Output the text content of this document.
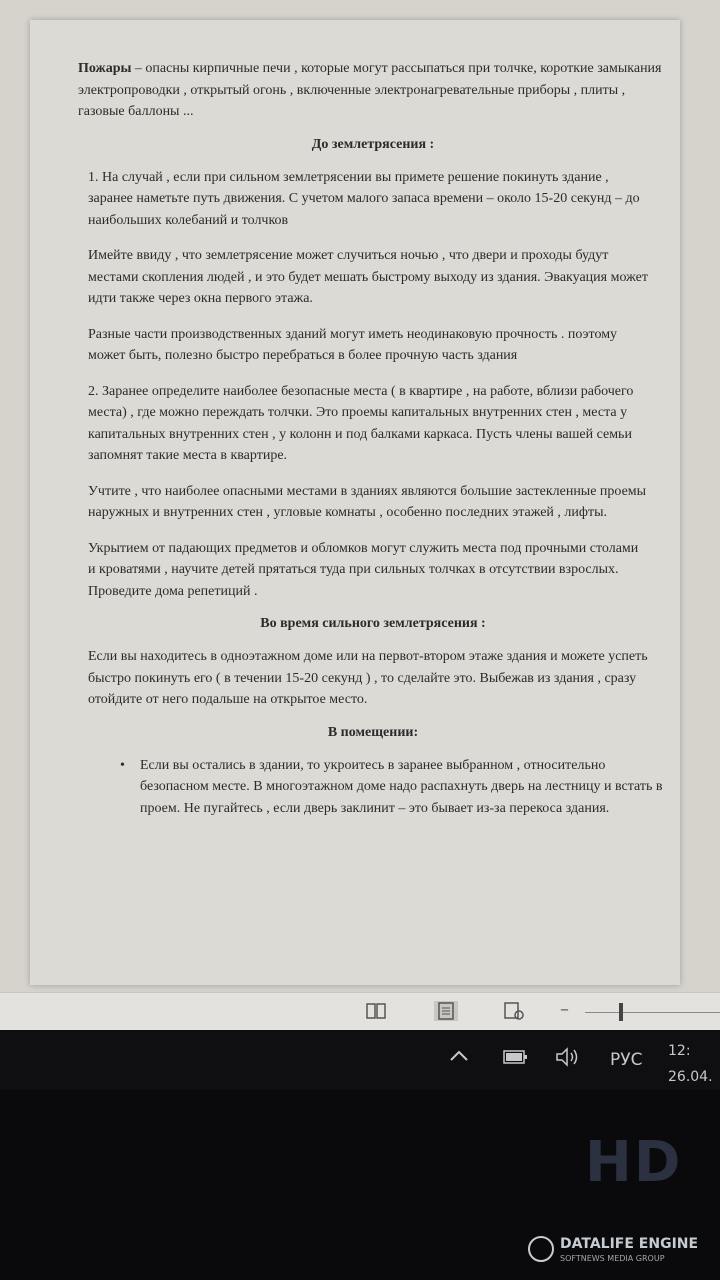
Пожары – опасны кирпичные печи , которые могут рассыпаться при толчке, короткие замыкания электропроводки , открытый огонь , включенные электронагревательные приборы , плиты , газовые баллоны ...

До землетрясения :

1. На случай , если при сильном землетрясении вы примете решение покинуть здание , заранее наметьте путь движения. С учетом малого запаса времени – около 15-20 секунд – до наибольших колебаний и толчков

Имейте ввиду , что землетрясение может случиться ночью , что двери и проходы будут местами скопления людей , и это будет мешать быстрому выходу из здания. Эвакуация может идти также через окна первого этажа.

Разные части производственных зданий могут иметь неодинаковую прочность . поэтому может быть, полезно быстро перебраться в более прочную часть здания

2. Заранее определите наиболее безопасные места ( в квартире , на работе, вблизи рабочего места) , где можно переждать толчки. Это проемы капитальных внутренних стен , места у капитальных внутренних стен , у колонн и под балками каркаса. Пусть члены вашей семьи запомнят такие места в квартире.

Учтите , что наиболее опасными местами в зданиях являются большие застекленные проемы наружных и внутренних стен , угловые комнаты , особенно последних этажей , лифты.

Укрытием от падающих предметов и обломков могут служить места под прочными столами и кроватями , научите детей прятаться туда при сильных толчках в отсутствии взрослых. Проведите дома репетиций .

Во время сильного землетрясения :

Если вы находитесь в одноэтажном доме или на первот-втором этаже здания и можете успеть быстро покинуть его ( в течении 15-20 секунд ) , то сделайте это. Выбежав из здания , сразу отойдите от него подальше на открытое место.

В помещении:
• Если вы остались в здании, то укроитесь в заранее выбранном , относительно безопасном месте. В многоэтажном доме надо распахнуть дверь на лестницу и встать в проем. Не пугайтесь , если дверь заклинит – это бывает из-за перекоса здания.
–
РУС 12:
26.04.
HD
DATALIFE ENGINE
SOFTNEWS MEDIA GROUP
